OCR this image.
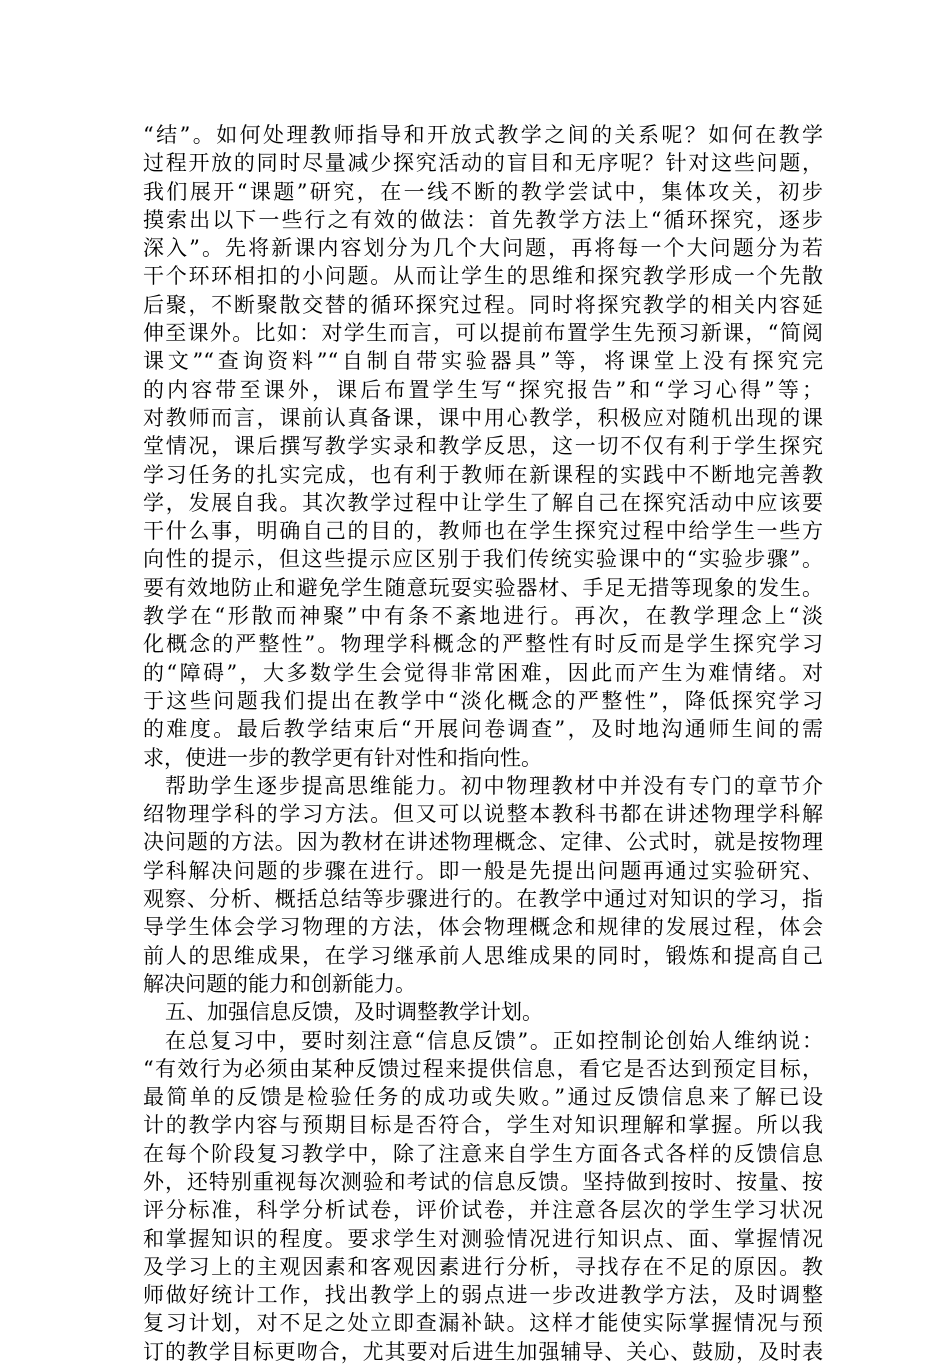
“结”。如何处理教师指导和开放式教学之间的关系呢？如何在教学
过程开放的同时尽量减少探究活动的盲目和无序呢？针对这些问题，
我们展开“课题”研究，在一线不断的教学尝试中，集体攻关，初步
摸索出以下一些行之有效的做法：首先教学方法上“循环探究，逐步
深入”。先将新课内容划分为几个大问题，再将每一个大问题分为若
干个环环相扣的小问题。从而让学生的思维和探究教学形成一个先散
后聚，不断聚散交替的循环探究过程。同时将探究教学的相关内容延
伸至课外。比如：对学生而言，可以提前布置学生先预习新课，“简阅
课文”“查询资料”“自制自带实验器具”等，将课堂上没有探究完
的内容带至课外，课后布置学生写“探究报告”和“学习心得”等；
对教师而言，课前认真备课，课中用心教学，积极应对随机出现的课
堂情况，课后撰写教学实录和教学反思，这一切不仅有利于学生探究
学习任务的扎实完成，也有利于教师在新课程的实践中不断地完善教
学，发展自我。其次教学过程中让学生了解自己在探究活动中应该要
干什么事，明确自己的目的，教师也在学生探究过程中给学生一些方
向性的提示，但这些提示应区别于我们传统实验课中的“实验步骤”。
要有效地防止和避免学生随意玩耍实验器材、手足无措等现象的发生。
教学在“形散而神聚”中有条不紊地进行。再次，在教学理念上“淡
化概念的严整性”。物理学科概念的严整性有时反而是学生探究学习
的“障碍”，大多数学生会觉得非常困难，因此而产生为难情绪。对
于这些问题我们提出在教学中“淡化概念的严整性”，降低探究学习
的难度。最后教学结束后“开展问卷调查”，及时地沟通师生间的需
求，使进一步的教学更有针对性和指向性。
帮助学生逐步提高思维能力。初中物理教材中并没有专门的章节介
绍物理学科的学习方法。但又可以说整本教科书都在讲述物理学科解
决问题的方法。因为教材在讲述物理概念、定律、公式时，就是按物理
学科解决问题的步骤在进行。即一般是先提出问题再通过实验研究、
观察、分析、概括总结等步骤进行的。在教学中通过对知识的学习，指
导学生体会学习物理的方法，体会物理概念和规律的发展过程，体会
前人的思维成果，在学习继承前人思维成果的同时，锻炼和提高自己
解决问题的能力和创新能力。
五、加强信息反馈，及时调整教学计划。
在总复习中，要时刻注意“信息反馈”。正如控制论创始人维纳说：
“有效行为必须由某种反馈过程来提供信息，看它是否达到预定目标，
最简单的反馈是检验任务的成功或失败。”通过反馈信息来了解已设
计的教学内容与预期目标是否符合，学生对知识理解和掌握。所以我
在每个阶段复习教学中，除了注意来自学生方面各式各样的反馈信息
外，还特别重视每次测验和考试的信息反馈。坚持做到按时、按量、按
评分标准，科学分析试卷，评价试卷，并注意各层次的学生学习状况
和掌握知识的程度。要求学生对测验情况进行知识点、面、掌握情况
及学习上的主观因素和客观因素进行分析，寻找存在不足的原因。教
师做好统计工作，找出教学上的弱点进一步改进教学方法，及时调整
复习计划，对不足之处立即查漏补缺。这样才能使实际掌握情况与预
订的教学目标更吻合，尤其要对后进生加强辅导、关心、鼓励，及时表
